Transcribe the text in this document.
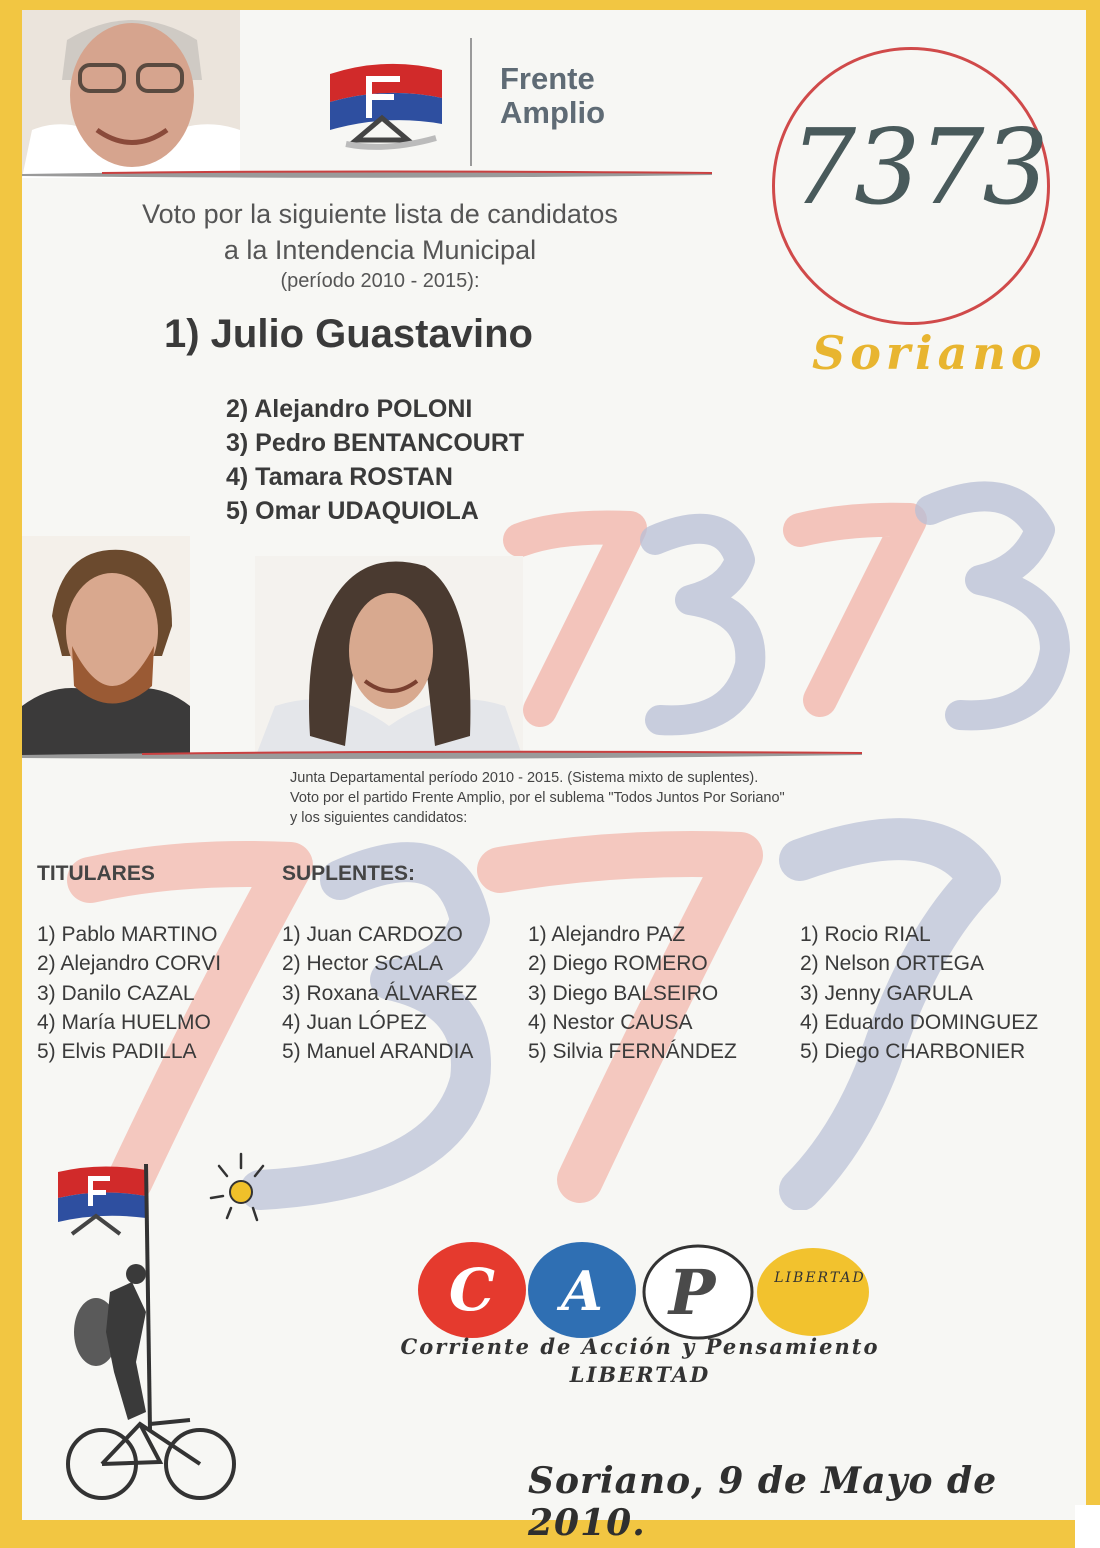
Frente
Amplio 7373
Soriano
Voto por la siguiente lista de candidatos
a la Intendencia Municipal
(período 2010 - 2015):
1) Julio Guastavino
2) Alejandro POLONI
3) Pedro BENTANCOURT
4) Tamara ROSTAN
5) Omar UDAQUIOLA
Junta Departamental período 2010 - 2015. (Sistema mixto de suplentes).
Voto por el partido Frente Amplio, por el sublema "Todos Juntos Por Soriano"
y los siguientes candidatos:
TITULARES	SUPLENTES:
1) Pablo MARTINO
2) Alejandro CORVI
3) Danilo CAZAL
4) María HUELMO
5) Elvis PADILLA
1) Juan CARDOZO
2) Hector SCALA
3) Roxana ÁLVAREZ
4) Juan LÓPEZ
5) Manuel ARANDIA
1) Alejandro PAZ
2) Diego ROMERO
3) Diego BALSEIRO
4) Nestor CAUSA
5) Silvia FERNÁNDEZ
1) Rocio RIAL
2) Nelson ORTEGA
3) Jenny GARULA
4) Eduardo DOMINGUEZ
5) Diego CHARBONIER
C A P	LIBERTAD
Corriente de Acción y Pensamiento
LIBERTAD
Soriano, 9 de Mayo de 2010.
